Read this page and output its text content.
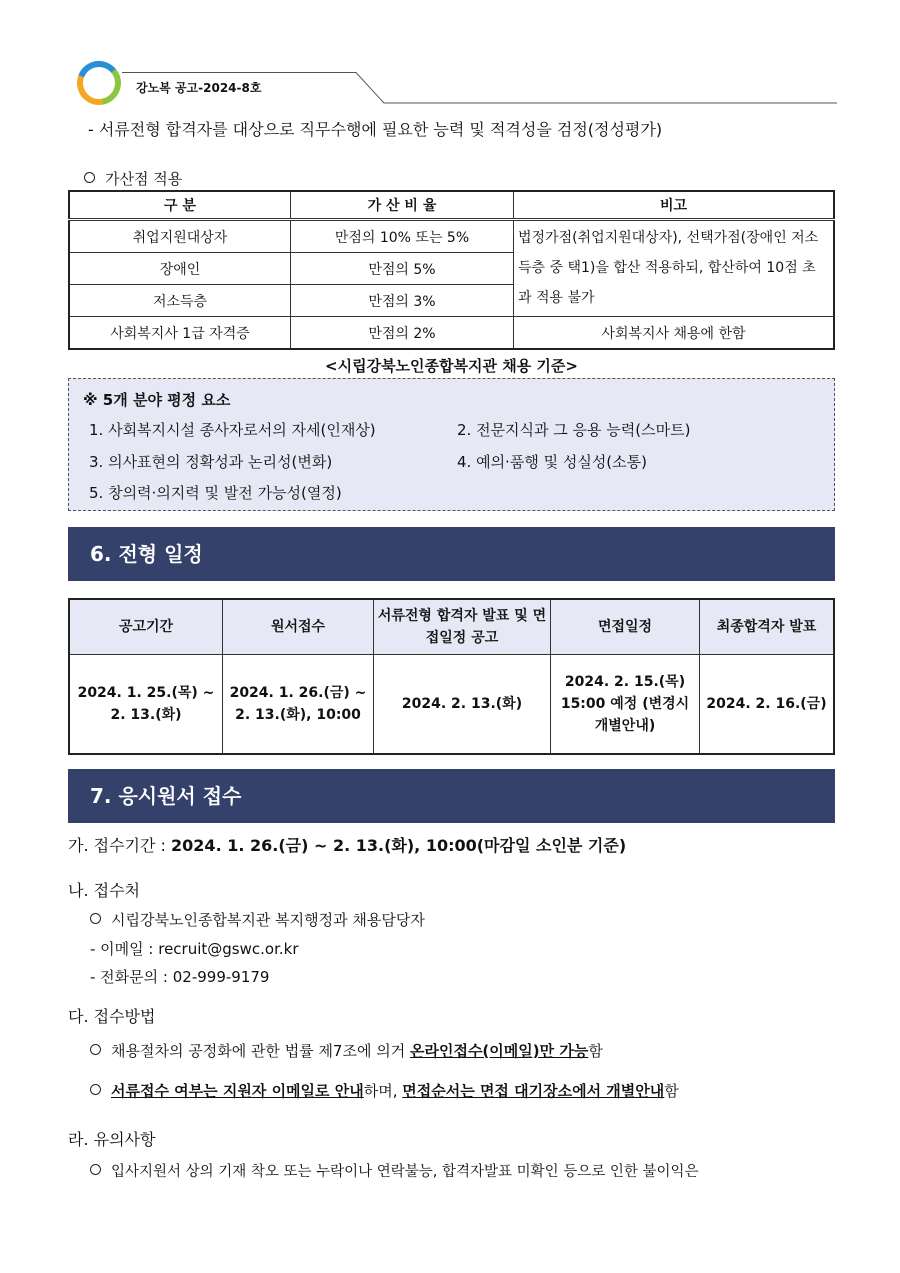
강노복 공고-2024-8호
- 서류전형 합격자를 대상으로 직무수행에 필요한 능력 및 적격성을 검정(정성평가)
가산점 적용
구 분	가 산 비 율	비고
취업지원대상자	만점의 10% 또는 5%	법정가점(취업지원대상자), 선택가점(장애인 저소득층 중 택1)을 합산 적용하되, 합산하여 10점 초과 적용 불가
장애인	만점의 5%	
저소득층	만점의 3%	
사회복지사 1급 자격증	만점의 2%	사회복지사 채용에 한함
<시립강북노인종합복지관 채용 기준>
※ 5개 분야 평정 요소
1. 사회복지시설 종사자로서의 자세(인재상)	2. 전문지식과 그 응용 능력(스마트)
3. 의사표현의 정확성과 논리성(변화)	4. 예의·품행 및 성실성(소통)
5. 창의력·의지력 및 발전 가능성(열정)
6. 전형 일정
공고기간	원서접수	서류전형 합격자 발표 및 면접일정 공고	면접일정	최종합격자 발표
2024. 1. 25.(목) ~ 2. 13.(화)	2024. 1. 26.(금) ~ 2. 13.(화), 10:00	2024. 2. 13.(화)	2024. 2. 15.(목) 15:00 예정 (변경시 개별안내)	2024. 2. 16.(금)
7. 응시원서 접수
가. 접수기간 : 2024. 1. 26.(금) ~ 2. 13.(화), 10:00(마감일 소인분 기준)
나. 접수처
시립강북노인종합복지관 복지행정과 채용담당자
- 이메일 : recruit@gswc.or.kr
- 전화문의 : 02-999-9179
다. 접수방법
채용절차의 공정화에 관한 법률 제7조에 의거 온라인접수(이메일)만 가능함
서류접수 여부는 지원자 이메일로 안내하며, 면접순서는 면접 대기장소에서 개별안내함
라. 유의사항
입사지원서 상의 기재 착오 또는 누락이나 연락불능, 합격자발표 미확인 등으로 인한 불이익은
